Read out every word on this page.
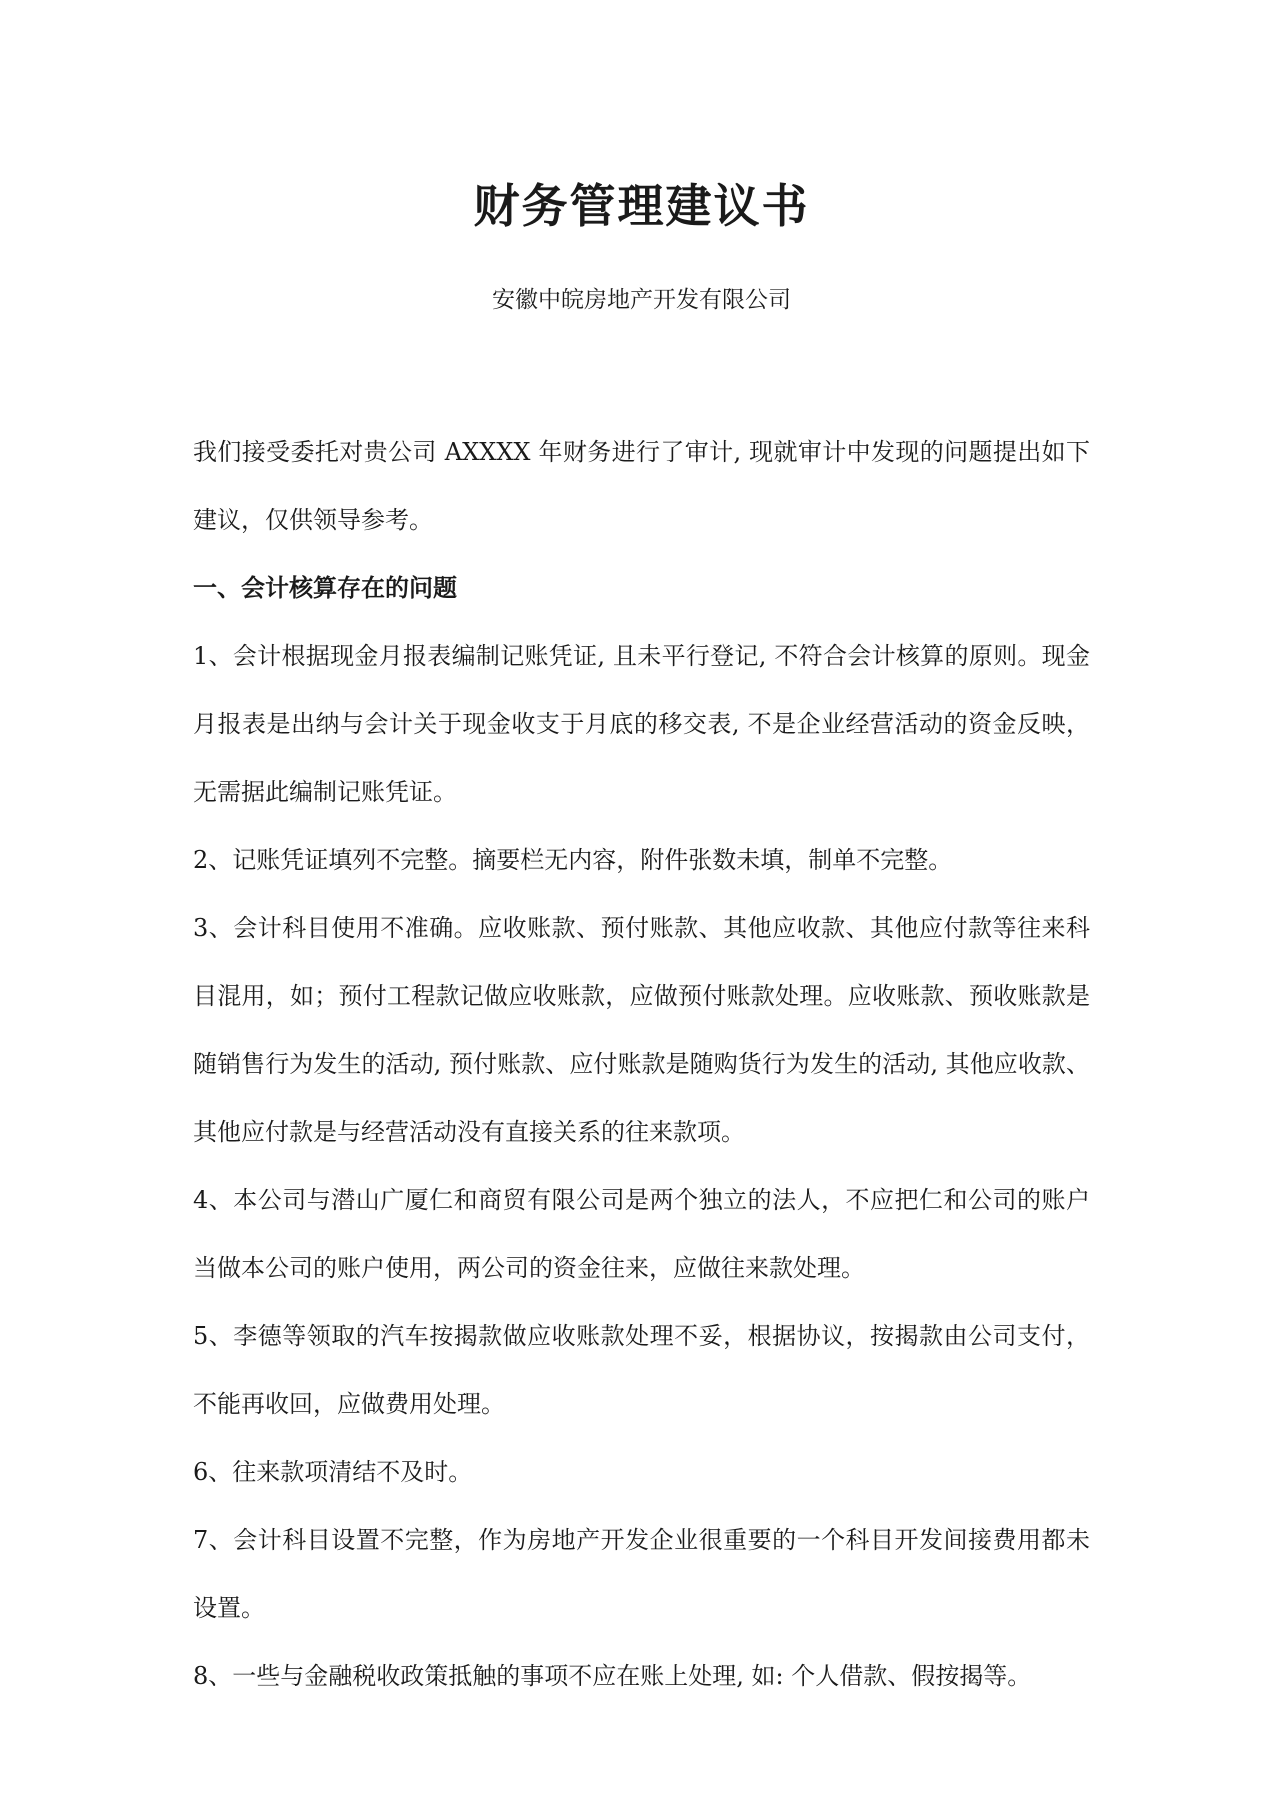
财务管理建议书

安徽中皖房地产开发有限公司

我们接受委托对贵公司 AXXXX 年财务进行了审计, 现就审计中发现的问题提出如下建议，仅供领导参考。

一、会计核算存在的问题

1、会计根据现金月报表编制记账凭证, 且未平行登记, 不符合会计核算的原则。现金月报表是出纳与会计关于现金收支于月底的移交表, 不是企业经营活动的资金反映，无需据此编制记账凭证。

2、记账凭证填列不完整。摘要栏无内容，附件张数未填，制单不完整。

3、会计科目使用不准确。应收账款、预付账款、其他应收款、其他应付款等往来科目混用，如；预付工程款记做应收账款，应做预付账款处理。应收账款、预收账款是随销售行为发生的活动, 预付账款、应付账款是随购货行为发生的活动, 其他应收款、其他应付款是与经营活动没有直接关系的往来款项。

4、本公司与潜山广厦仁和商贸有限公司是两个独立的法人，不应把仁和公司的账户当做本公司的账户使用，两公司的资金往来，应做往来款处理。

5、李德等领取的汽车按揭款做应收账款处理不妥，根据协议，按揭款由公司支付，不能再收回，应做费用处理。

6、往来款项清结不及时。

7、会计科目设置不完整，作为房地产开发企业很重要的一个科目开发间接费用都未设置。

8、一些与金融税收政策抵触的事项不应在账上处理, 如: 个人借款、假按揭等。
